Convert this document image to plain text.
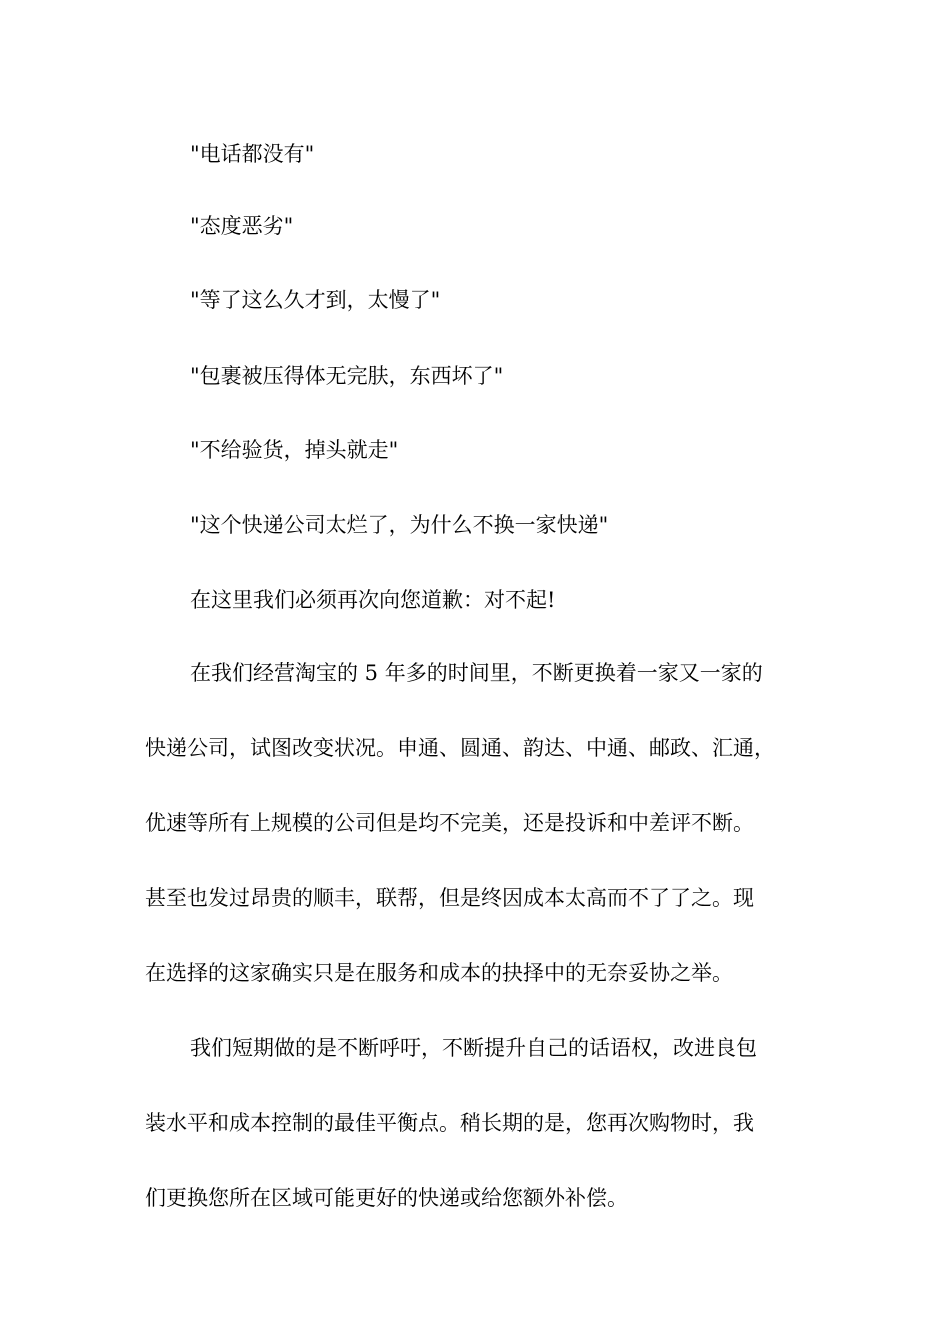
"电话都没有"
"态度恶劣"
"等了这么久才到，太慢了"
"包裹被压得体无完肤，东西坏了"
"不给验货，掉头就走"
"这个快递公司太烂了，为什么不换一家快递"
在这里我们必须再次向您道歉：对不起!
在我们经营淘宝的 5 年多的时间里，不断更换着一家又一家的
快递公司，试图改变状况。申通、圆通、韵达、中通、邮政、汇通，
优速等所有上规模的公司但是均不完美，还是投诉和中差评不断。
甚至也发过昂贵的顺丰，联帮，但是终因成本太高而不了了之。现
在选择的这家确实只是在服务和成本的抉择中的无奈妥协之举。
我们短期做的是不断呼吁，不断提升自己的话语权，改进良包
装水平和成本控制的最佳平衡点。稍长期的是，您再次购物时，我
们更换您所在区域可能更好的快递或给您额外补偿。
